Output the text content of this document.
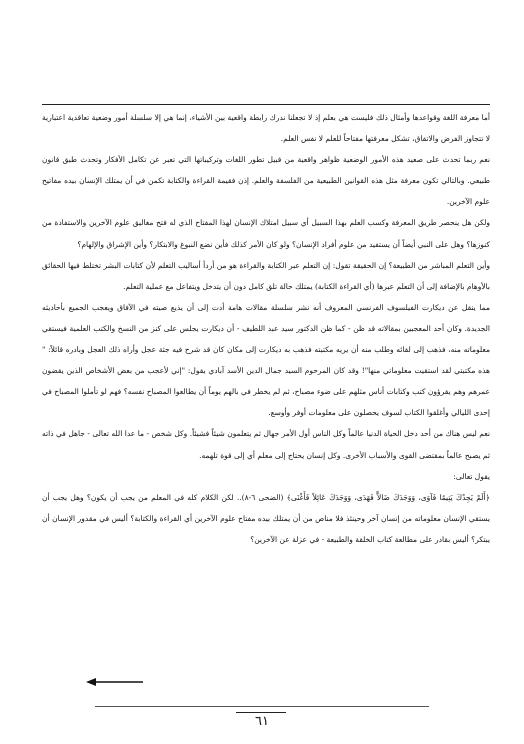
أما معرفة اللغة وقواعدها وأمثال ذلك فليست هي بعلم إذ لا تجعلنا ندرك رابطة واقعية بين الأشياء، إنما هي إلا سلسلة أمور وضعية تعاقدية اعتبارية لا تتجاوز الفرض والاتفاق، تشكل معرفتها مفتاحاً للعلم لا نفس العلم.

نعم ربما تحدث على صعيد هذه الأمور الوضعية ظواهر واقعية من قبيل تطور اللغات وتركيباتها التي تعبر عن تكامل الأفكار وتحدث طبق قانون طبيعي. وبالتالي تكون معرفة مثل هذه القوانين الطبيعية من الفلسفة والعلم. إذن فقيمة القراءة والكتابة تكمن في أن يمتلك الإنسان بيده مفاتيح علوم الآخرين.

ولكن هل ينحصر طريق المعرفة وكسب العلم بهذا السبيل أي سبيل امتلاك الإنسان لهذا المفتاح الذي له فتح مغاليق علوم الآخرين والاستفادة من كنوزها؟ وهل على النبي أيضاً أن يستفيد من علوم أفراد الإنسان؟ ولو كان الأمر كذلك فأين نضع النبوغ والابتكار؟ وأين الإشراق والإلهام؟

وأين التعلم المباشر من الطبيعة؟ إن الحقيقة تقول: إن التعلم عبر الكتابة والقراءة هو من أردأ أساليب التعلم لأن كتابات البشر تختلط فيها الحقائق بالأوهام بالإضافة إلى أن التعلم عبرها (أي القراءة الكتابة) يمتلك حالة تلق كامل دون أن يتدخل ويتفاعل مع عملية التعلم.

مما ينقل عن ديكارت الفيلسوف الفرنسي المعروف أنه نشر سلسلة مقالات هامة أدت إلى أن يذيع صيته في الآفاق ويعجب الجميع بأحاديثه الجديدة. وكان أحد المعجبين بمقالاته قد ظن - كما ظن الدكتور سيد عبد اللطيف - أن ديكارت يجلس على كنز من النسخ والكتب العلمية فيستقي معلوماته منه، فذهب إلى لقائه وطلب منه أن يريه مكتبته فذهب به ديكارت إلى مكان كان قد شرح فيه جثة عجل وأراه ذلك العجل وبادره قائلاً: " هذه مكتبتي لقد استقيت معلوماتي منها"! وقد كان المرحوم السيد جمال الدين الأسد آبادي يقول: "إني لأعجب من بعض الأشخاص الذين يقضون عمرهم وهم يقرؤون كتب وكتابات أناس مثلهم على ضوء مصباح، ثم لم يخطر في بالهم يوماً أن يطالعوا المصباح نفسه؟ فهم لو تأملوا المصباح في إحدى الليالي وأغلقوا الكتاب لسوف يحصلون على معلومات أوفر وأوسع.

نعم ليس هناك من أحد دخل الحياة الدنيا عالماً وكل الناس أول الأمر جهال ثم يتعلمون شيئاً فشيئاً. وكل شخص - ما عدا الله تعالى - جاهل في ذاته ثم يصبح عالماً بمقتضى القوى والأسباب الأخرى. وكل إنسان يحتاج إلى معلم أي إلى قوة تلهمه.

يقول تعالى:

﴿أَلَمْ يَجِدْكَ يَتِيمًا فَآوَى، وَوَجَدَكَ ضَالاًّ فَهَدَى، وَوَجَدَكَ عَائِلاً فَأَغْنَى﴾ (الضحى ٦-٨).. لكن الكلام كله في المعلم من يجب أن يكون؟ وهل يجب أن يستقي الإنسان معلوماته من إنسان آخر وحينئذ فلا مناص من أن يمتلك بيده مفتاح علوم الآخرين أي القراءة والكتابة؟ أليس في مقدور الإنسان أن يبتكر؟ أليس بقادر على مطالعة كتاب الخلقة والطبيعة - في عزلة عن الآخرين؟

٦١
